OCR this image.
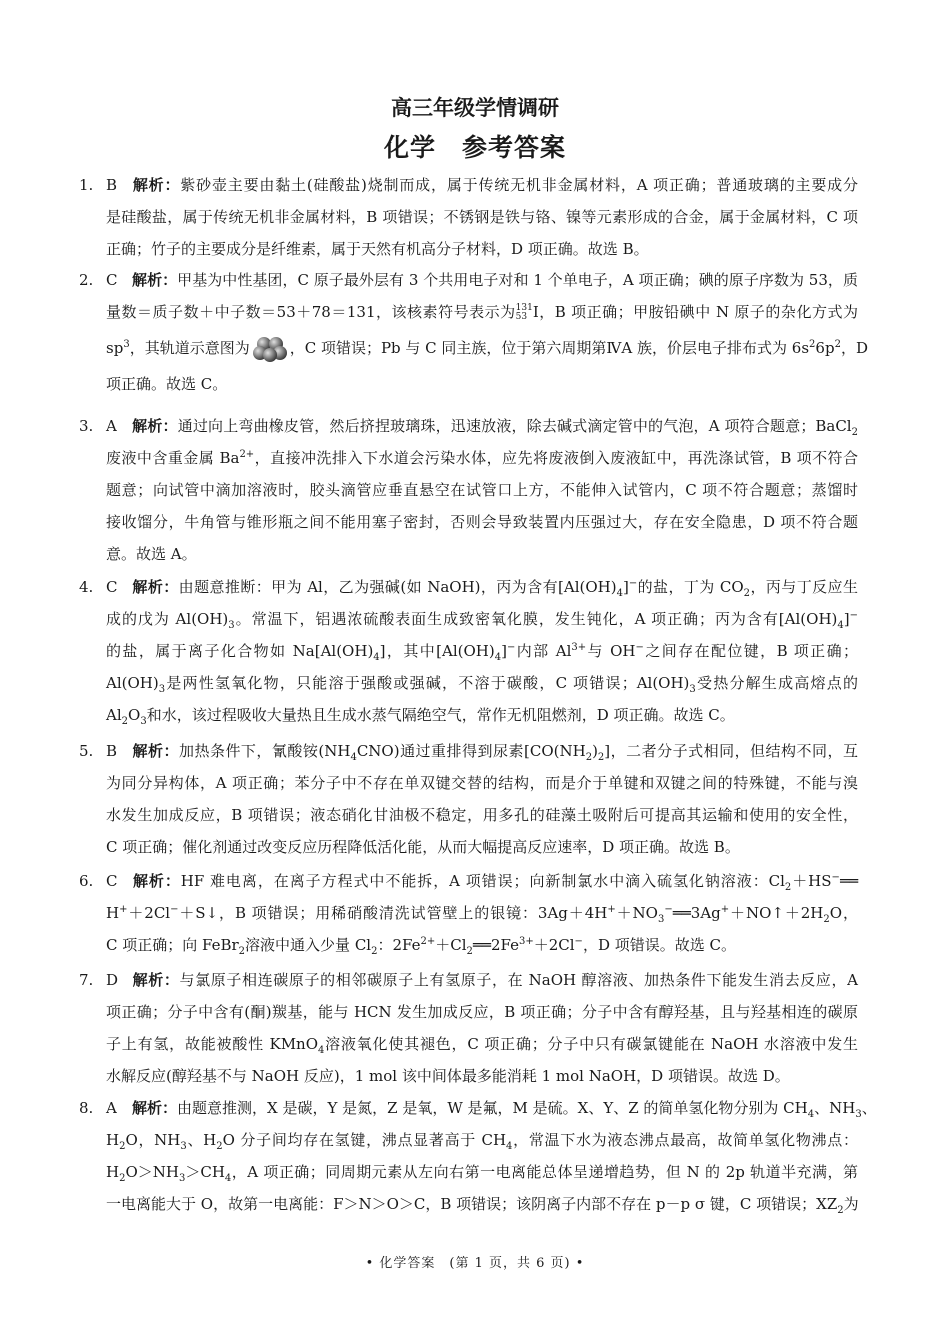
高三年级学情调研
化学 参考答案
1. B 解析：紫砂壶主要由黏土(硅酸盐)烧制而成，属于传统无机非金属材料，A 项正确；普通玻璃的主要成分
是硅酸盐，属于传统无机非金属材料，B 项错误；不锈钢是铁与铬、镍等元素形成的合金，属于金属材料，C 项
正确；竹子的主要成分是纤维素，属于天然有机高分子材料，D 项正确。故选 B。
2. C 解析：甲基为中性基团，C 原子最外层有 3 个共用电子对和 1 个单电子，A 项正确；碘的原子序数为 53，质
量数＝质子数＋中子数＝53＋78＝131，该核素符号表示为 131
53 I，B 项正确；甲胺铅碘中 N 原子的杂化方式为
$sp^3$，其轨道示意图为	，C 项错误；Pb 与 C 同主族，位于第六周期第ⅣA 族，价层电子排布式为 $6s^26p^2$，D
项正确。故选 C。
3. A 解析：通过向上弯曲橡皮管，然后挤捏玻璃珠，迅速放液，除去碱式滴定管中的气泡，A 项符合题意；BaCl$_2$
废液中含重金属 $Ba^{2+}$，直接冲洗排入下水道会污染水体，应先将废液倒入废液缸中，再洗涤试管，B 项不符合
题意；向试管中滴加溶液时，胶头滴管应垂直悬空在试管口上方，不能伸入试管内，C 项不符合题意；蒸馏时
接收馏分，牛角管与锥形瓶之间不能用塞子密封，否则会导致装置内压强过大，存在安全隐患，D 项不符合题
意。故选 A。
4. C 解析：由题意推断：甲为 Al，乙为强碱(如 NaOH)，丙为含有$[Al(OH)_4]^-$的盐，丁为 $CO_2$，丙与丁反应生
成的戊为 $Al(OH)_3$。常温下，铝遇浓硫酸表面生成致密氧化膜，发生钝化，A 项正确；丙为含有$[Al(OH)_4]^-$
的盐，属于离子化合物如 $Na[Al(OH)_4]$，其中$[Al(OH)_4]^-$内部 $Al^{3+}$与 OH−之间存在配位键，B 项正确；
$Al(OH)_3$是两性氢氧化物，只能溶于强酸或强碱，不溶于碳酸，C 项错误；$Al(OH)_3$受热分解生成高熔点的
$Al_2O_3$和水，该过程吸收大量热且生成水蒸气隔绝空气，常作无机阻燃剂，D 项正确。故选 C。
5. B 解析：加热条件下，氰酸铵$(NH_4CNO)$通过重排得到尿素$[CO(NH_2)_2]$，二者分子式相同，但结构不同，互
为同分异构体，A 项正确；苯分子中不存在单双键交替的结构，而是介于单键和双键之间的特殊键，不能与溴
水发生加成反应，B 项错误；液态硝化甘油极不稳定，用多孔的硅藻土吸附后可提高其运输和使用的安全性，
C 项正确；催化剂通过改变反应历程降低活化能，从而大幅提高反应速率，D 项正确。故选 B。
6. C 解析：HF 难电离，在离子方程式中不能拆，A 项错误；向新制氯水中滴入硫氢化钠溶液：$Cl_2+HS^-══$
H+＋2Cl−＋S↓，B 项错误；用稀硝酸清洗试管壁上的银镜：$3Ag+4H^++NO_3^-══3Ag^++NO↑+2H_2O$，
C 项正确；向 FeBr$_2$溶液中通入少量 $Cl_2$：$2Fe^{2+}+Cl_2══2Fe^{3+}+2Cl^-$，D 项错误。故选 C。
7. D 解析：与氯原子相连碳原子的相邻碳原子上有氢原子，在 NaOH 醇溶液、加热条件下能发生消去反应，A
项正确；分子中含有(酮)羰基，能与 HCN 发生加成反应，B 项正确；分子中含有醇羟基，且与羟基相连的碳原
子上有氢，故能被酸性 KMnO$_4$溶液氧化使其褪色，C 项正确；分子中只有碳氯键能在 NaOH 水溶液中发生
水解反应(醇羟基不与 NaOH 反应)，1 mol 该中间体最多能消耗 1 mol NaOH，D 项错误。故选 D。
8. A 解析：由题意推测，X 是碳，Y 是氮，Z 是氧，W 是氟，M 是硫。X、Y、Z 的简单氢化物分别为 $CH_4$、$NH_3$、
$H_2O$，$NH_3$、$H_2O$ 分子间均存在氢键，沸点显著高于 $CH_4$，常温下水为液态沸点最高，故简单氢化物沸点：
$H_2O>NH_3>CH_4$，A 项正确；同周期元素从左向右第一电离能总体呈递增趋势，但 N 的 2p 轨道半充满，第
一电离能大于 O，故第一电离能：F＞N＞O＞C，B 项错误；该阴离子内部不存在 p－p σ 键，C 项错误；$XZ_2$为
• 化学答案　(第 1 页，共 6 页) •
